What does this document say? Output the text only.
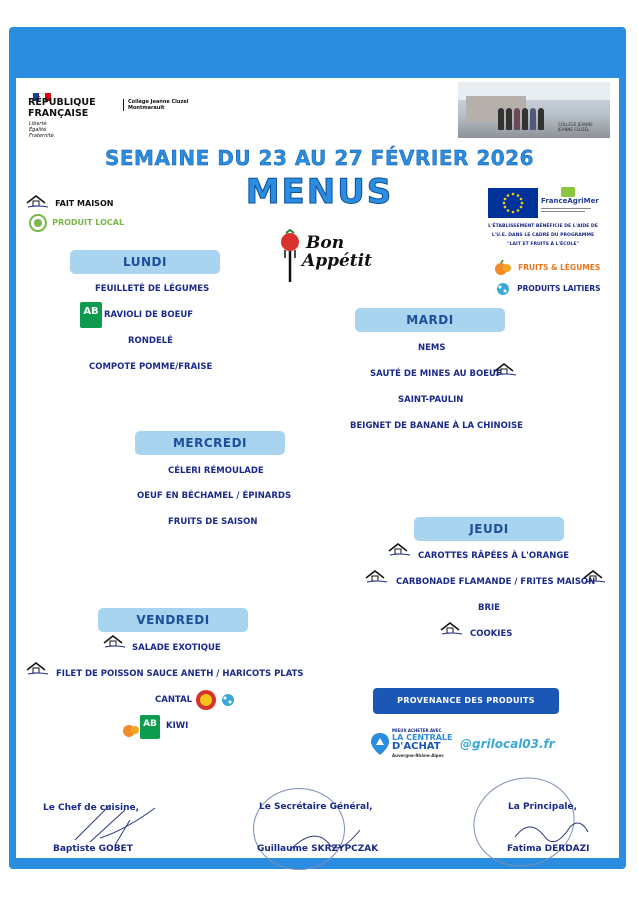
RÉPUBLIQUE
FRANÇAISE
Liberté
Égalité
Fraternité
Collège Jeanne Cluzel
Montmarault
COLLEGE JEANNE
JEANNE CLUZEL
SEMAINE DU 23 AU 27 FÉVRIER 2026
MENUS
FAIT MAISON
$^{PRODUIT LOCAL}$
Bon
Appétit
FranceAgriMer
L'ÉTABLISSEMENT BÉNÉFICIE DE L'AIDE DE
L'U.E. DANS LE CADRE DU PROGRAMME
"LAIT ET FRUITS À L'ÉCOLE"
$^{FRUITS \& LÉGUMES}$
$^{PRODUITS LAITIERS}$
LUNDI
FEUILLETÉ DE LÉGUMES
AB RAVIOLI DE BOEUF
RONDELÉ
COMPOTE POMME/FRAISE
MARDI
NEMS
SAUTÉ DE MINES AU BOEUF
SAINT-PAULIN
BEIGNET DE BANANE À LA CHINOISE
MERCREDI
CÉLERI RÉMOULADE
OEUF EN BÉCHAMEL / ÉPINARDS
FRUITS DE SAISON	JEUDI
CAROTTES RÂPÉES À L'ORANGE
CARBONADE FLAMANDE / FRITES MAISON
BRIE
COOKIES
VENDREDI
SALADE EXOTIQUE
FILET DE POISSON SAUCE ANETH / HARICOTS PLATS
CANTAL
AB	KIWI
PROVENANCE DES PRODUITS
MIEUX ACHETER AVEC
LA CENTRALE
D'ACHAT
Auvergne-Rhône-Alpes
@grilocal03.fr
Le Chef de cuisine,
Baptiste GOBET
Le Secrétaire Général,
Guillaume SKRZYPCZAK
La Principale,
Fatima DERDAZI
